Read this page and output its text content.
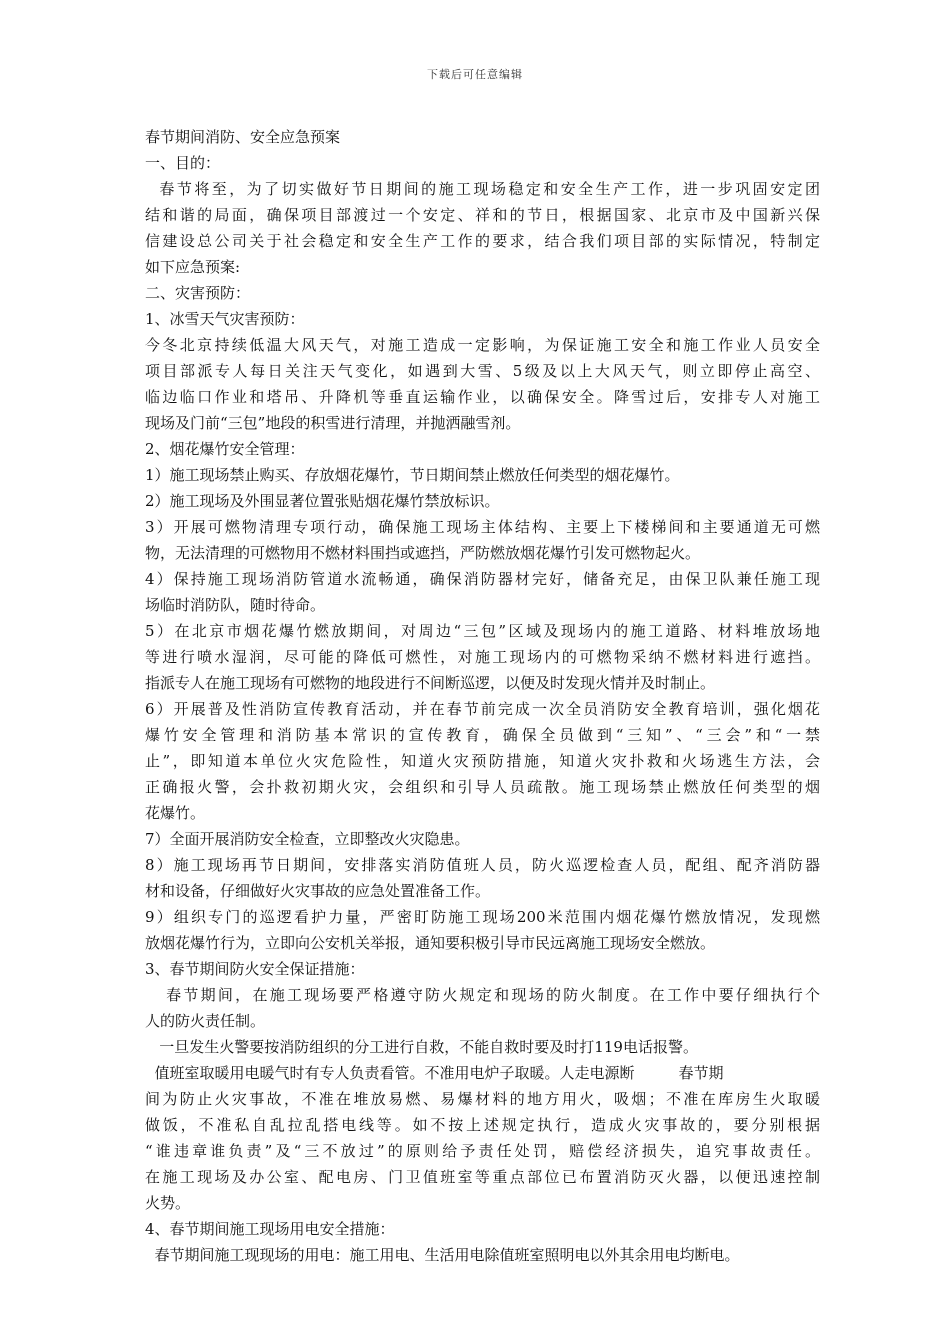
下载后可任意编辑
春节期间消防、安全应急预案
一、目的：
春节将至，为了切实做好节日期间的施工现场稳定和安全生产工作，进一步巩固安定团
结和谐的局面，确保项目部渡过一个安定、祥和的节日，根据国家、北京市及中国新兴保
信建设总公司关于社会稳定和安全生产工作的要求，结合我们项目部的实际情况，特制定
如下应急预案:
二、灾害预防：
1、冰雪天气灾害预防：
今冬北京持续低温大风天气，对施工造成一定影响，为保证施工安全和施工作业人员安全
项目部派专人每日关注天气变化，如遇到大雪、5级及以上大风天气，则立即停止高空、
临边临口作业和塔吊、升降机等垂直运输作业，以确保安全。降雪过后，安排专人对施工
现场及门前“三包”地段的积雪进行清理，并抛洒融雪剂。
2、烟花爆竹安全管理：
1）施工现场禁止购买、存放烟花爆竹，节日期间禁止燃放任何类型的烟花爆竹。
2）施工现场及外围显著位置张贴烟花爆竹禁放标识。
3）开展可燃物清理专项行动，确保施工现场主体结构、主要上下楼梯间和主要通道无可燃
物，无法清理的可燃物用不燃材料围挡或遮挡，严防燃放烟花爆竹引发可燃物起火。
4）保持施工现场消防管道水流畅通，确保消防器材完好，储备充足，由保卫队兼任施工现
场临时消防队，随时待命。
5）在北京市烟花爆竹燃放期间，对周边“三包”区域及现场内的施工道路、材料堆放场地
等进行喷水湿润，尽可能的降低可燃性，对施工现场内的可燃物采纳不燃材料进行遮挡。
指派专人在施工现场有可燃物的地段进行不间断巡逻，以便及时发现火情并及时制止。
6）开展普及性消防宣传教育活动，并在春节前完成一次全员消防安全教育培训，强化烟花
爆竹安全管理和消防基本常识的宣传教育，确保全员做到“三知”、“三会”和“一禁
止”，即知道本单位火灾危险性，知道火灾预防措施，知道火灾扑救和火场逃生方法，会
正确报火警，会扑救初期火灾，会组织和引导人员疏散。施工现场禁止燃放任何类型的烟
花爆竹。
7）全面开展消防安全检查，立即整改火灾隐患。
8）施工现场再节日期间，安排落实消防值班人员，防火巡逻检查人员，配组、配齐消防器
材和设备，仔细做好火灾事故的应急处置准备工作。
9）组织专门的巡逻看护力量，严密盯防施工现场200米范围内烟花爆竹燃放情况，发现燃
放烟花爆竹行为，立即向公安机关举报，通知要积极引导市民远离施工现场安全燃放。
3、春节期间防火安全保证措施：
春节期间，在施工现场要严格遵守防火规定和现场的防火制度。在工作中要仔细执行个
人的防火责任制。
一旦发生火警要按消防组织的分工进行自救，不能自救时要及时打119电话报警。
值班室取暖用电暖气时有专人负责看管。不准用电炉子取暖。人走电源断	春节期
间为防止火灾事故，不准在堆放易燃、易爆材料的地方用火，吸烟；不准在库房生火取暖
做饭，不准私自乱拉乱搭电线等。如不按上述规定执行，造成火灾事故的，要分别根据
“谁违章谁负责”及“三不放过”的原则给予责任处罚，赔偿经济损失，追究事故责任。
在施工现场及办公室、配电房、门卫值班室等重点部位已布置消防灭火器，以便迅速控制
火势。
4、春节期间施工现场用电安全措施：
春节期间施工现现场的用电：施工用电、生活用电除值班室照明电以外其余用电均断电。
